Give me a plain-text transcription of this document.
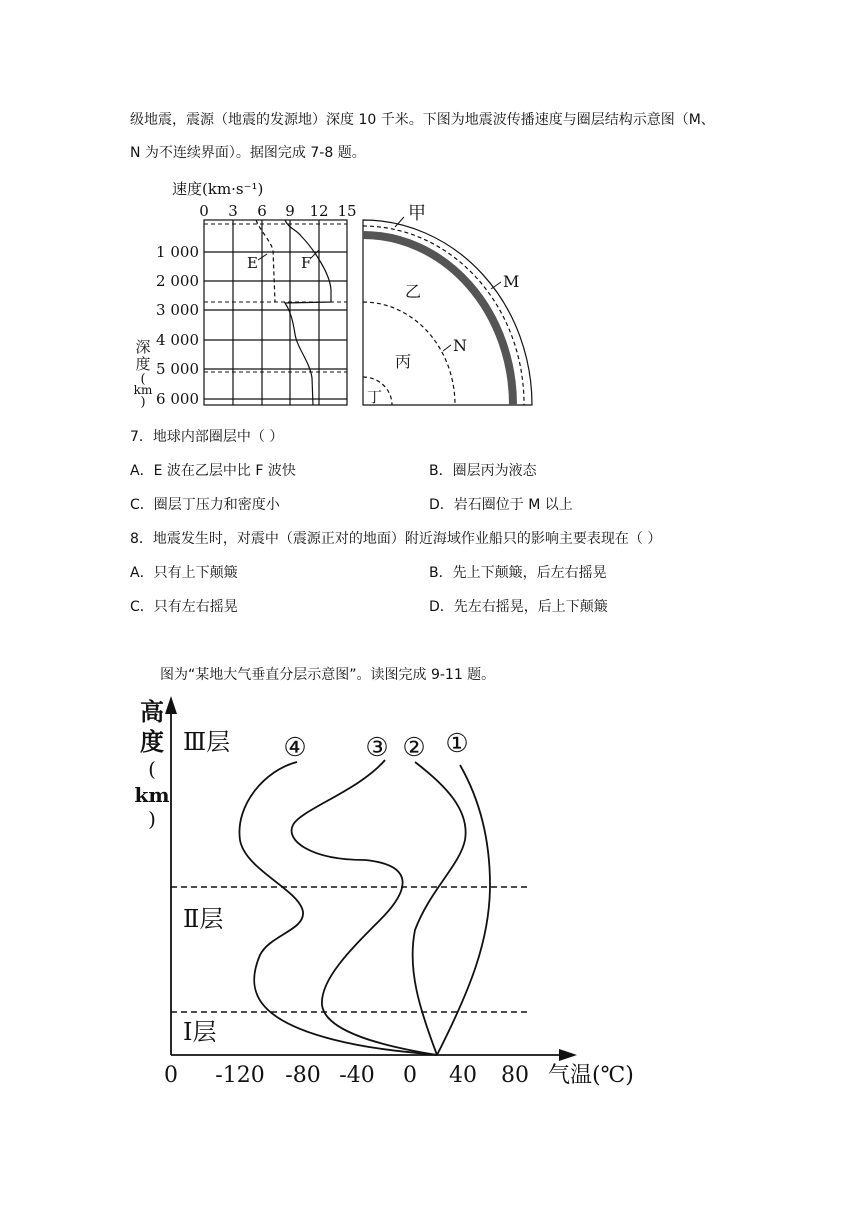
级地震，震源（地震的发源地）深度 10 千米。下图为地震波传播速度与圈层结构示意图（M、
N 为不连续界面）。据图完成 7-8 题。
速度(km·s⁻¹)
0 3 6 9 12 15
1 000
2 000
3 000
4 000
5 000
6 000
深
度
(
km
)
E	F
甲
M
乙
N
丙
丁
7．地球内部圈层中（ ）
A．E 波在乙层中比 F 波快	B．圈层丙为液态
C．圈层丁压力和密度小	D．岩石圈位于 M 以上
8．地震发生时，对震中（震源正对的地面）附近海域作业船只的影响主要表现在（ ）
A．只有上下颠簸	B．先上下颠簸，后左右摇晃
C．只有左右摇晃	D．先左右摇晃，后上下颠簸
图为“某地大气垂直分层示意图”。读图完成 9-11 题。
高
度
(
km
)
Ⅲ层
Ⅱ层
Ⅰ层
④ ③ ② ①
0 -120 -80 -40 0 40 80 气温(℃)
